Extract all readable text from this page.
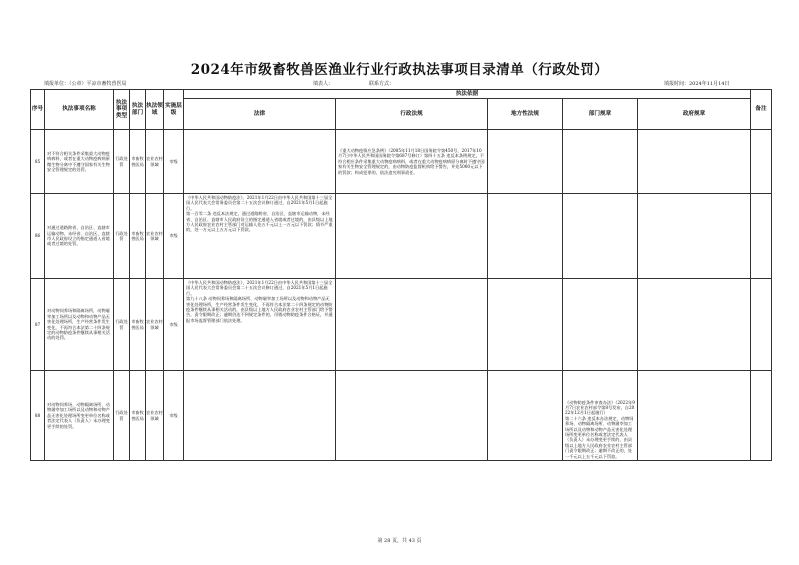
2024年市级畜牧兽医渔业行业行政执法事项目录清单（行政处罚）
填报单位：（公章）平凉市畜牧兽医局	填表人：	联系方式：	填报时间：2024年11月14日
序号	执法事项名称	执法事项类型	执法部门	执法领域	实施层级	执法依据					备注
						法律	行政法规	地方性法规	部门规章	政府规章	
85	对不符合相关条件采集重大动物疫病病料，或者在重大动物疫病病原微生物分离中不遵守国家有关生物安全管理规定的处罚。	行政处罚	市畜牧兽医局	农业农村领域	市级		《重大动物疫情应急条例》（2005年11月18日国务院令第450号，2017年10月7日中华人民共和国国务院令第687号修订）第四十五条 违反本条例规定，不符合相应条件采集重大动物疫病病料，或者在重大动物疫病病原分离时不遵守国家有关生物安全管理规定的，由动物防疫监督机构给予警告，并处5000元以下的罚款；构成犯罪的，依法追究刑事责任。				
86	对通过道路跨省、自治区、直辖市运输动物，未经省、自治区、直辖市人民政府设立的指定通道入省境或者过境的处罚。	行政处罚	市畜牧兽医局	农业农村领域	市级	《中华人民共和国动物防疫法》，2021年1月22日由中华人民共和国第十三届全国人民代表大会常务委员会第二十五次会议修订通过，自2021年5月1日起施行。
第一百零二条 违反本法规定，通过道路跨省、自治区、直辖市运输动物，未经省、自治区、直辖市人民政府设立的指定通道入省境或者过境的，由县级以上地方人民政府农业农村主管部门对运输人处五千元以上一万元以下罚款；情节严重的，处一万元以上五万元以下罚款。					
87	对动物饲养场和隔离场所，动物屠宰加工场所以及动物和动物产品无害化处理场所，生产经营条件发生变化，不再符合本法第二十四条规定的动物防疫条件继续从事相关活动的处罚。	行政处罚	市畜牧兽医局	农业农村领域	市级	《中华人民共和国动物防疫法》，2021年1月22日由中华人民共和国第十三届全国人民代表大会常务委员会第二十五次会议修订通过，自2021年5月1日起施行。
第九十八条 动物饲养场和隔离场所、动物屠宰加工场所以及动物和动物产品无害化处理场所，生产经营条件发生变化，不再符合本法第二十四条规定的动物防疫条件继续从事相关活动的，由县级以上地方人民政府农业农村主管部门给予警告，责令限期改正；逾期仍达不到规定条件的，吊销动物防疫条件合格证，并通报市场监督管理部门依法处理。					
88	对动物饲养场、动物隔离场所、动物屠宰加工场所以及动物和动物产品无害化处理场所变更单位名称或者法定代表人（负责人）未办理变更手续的处罚。	行政处罚	市畜牧兽医局	农业农村领域	市级				《动物防疫条件审查办法》（2022年9月7日农业农村部令第8号发布，自2022年12月1日起施行）
第二十六条 违反本办法规定，动物饲养场、动物隔离场所、动物屠宰加工场所以及动物和动物产品无害化处理场所变更单位名称或者法定代表人（负责人）未办理变更手续的，由县级以上地方人民政府农业农村主管部门责令限期改正；逾期不改正的，处一千元以上五千元以下罚款。		
第 28 页，共 43 页
